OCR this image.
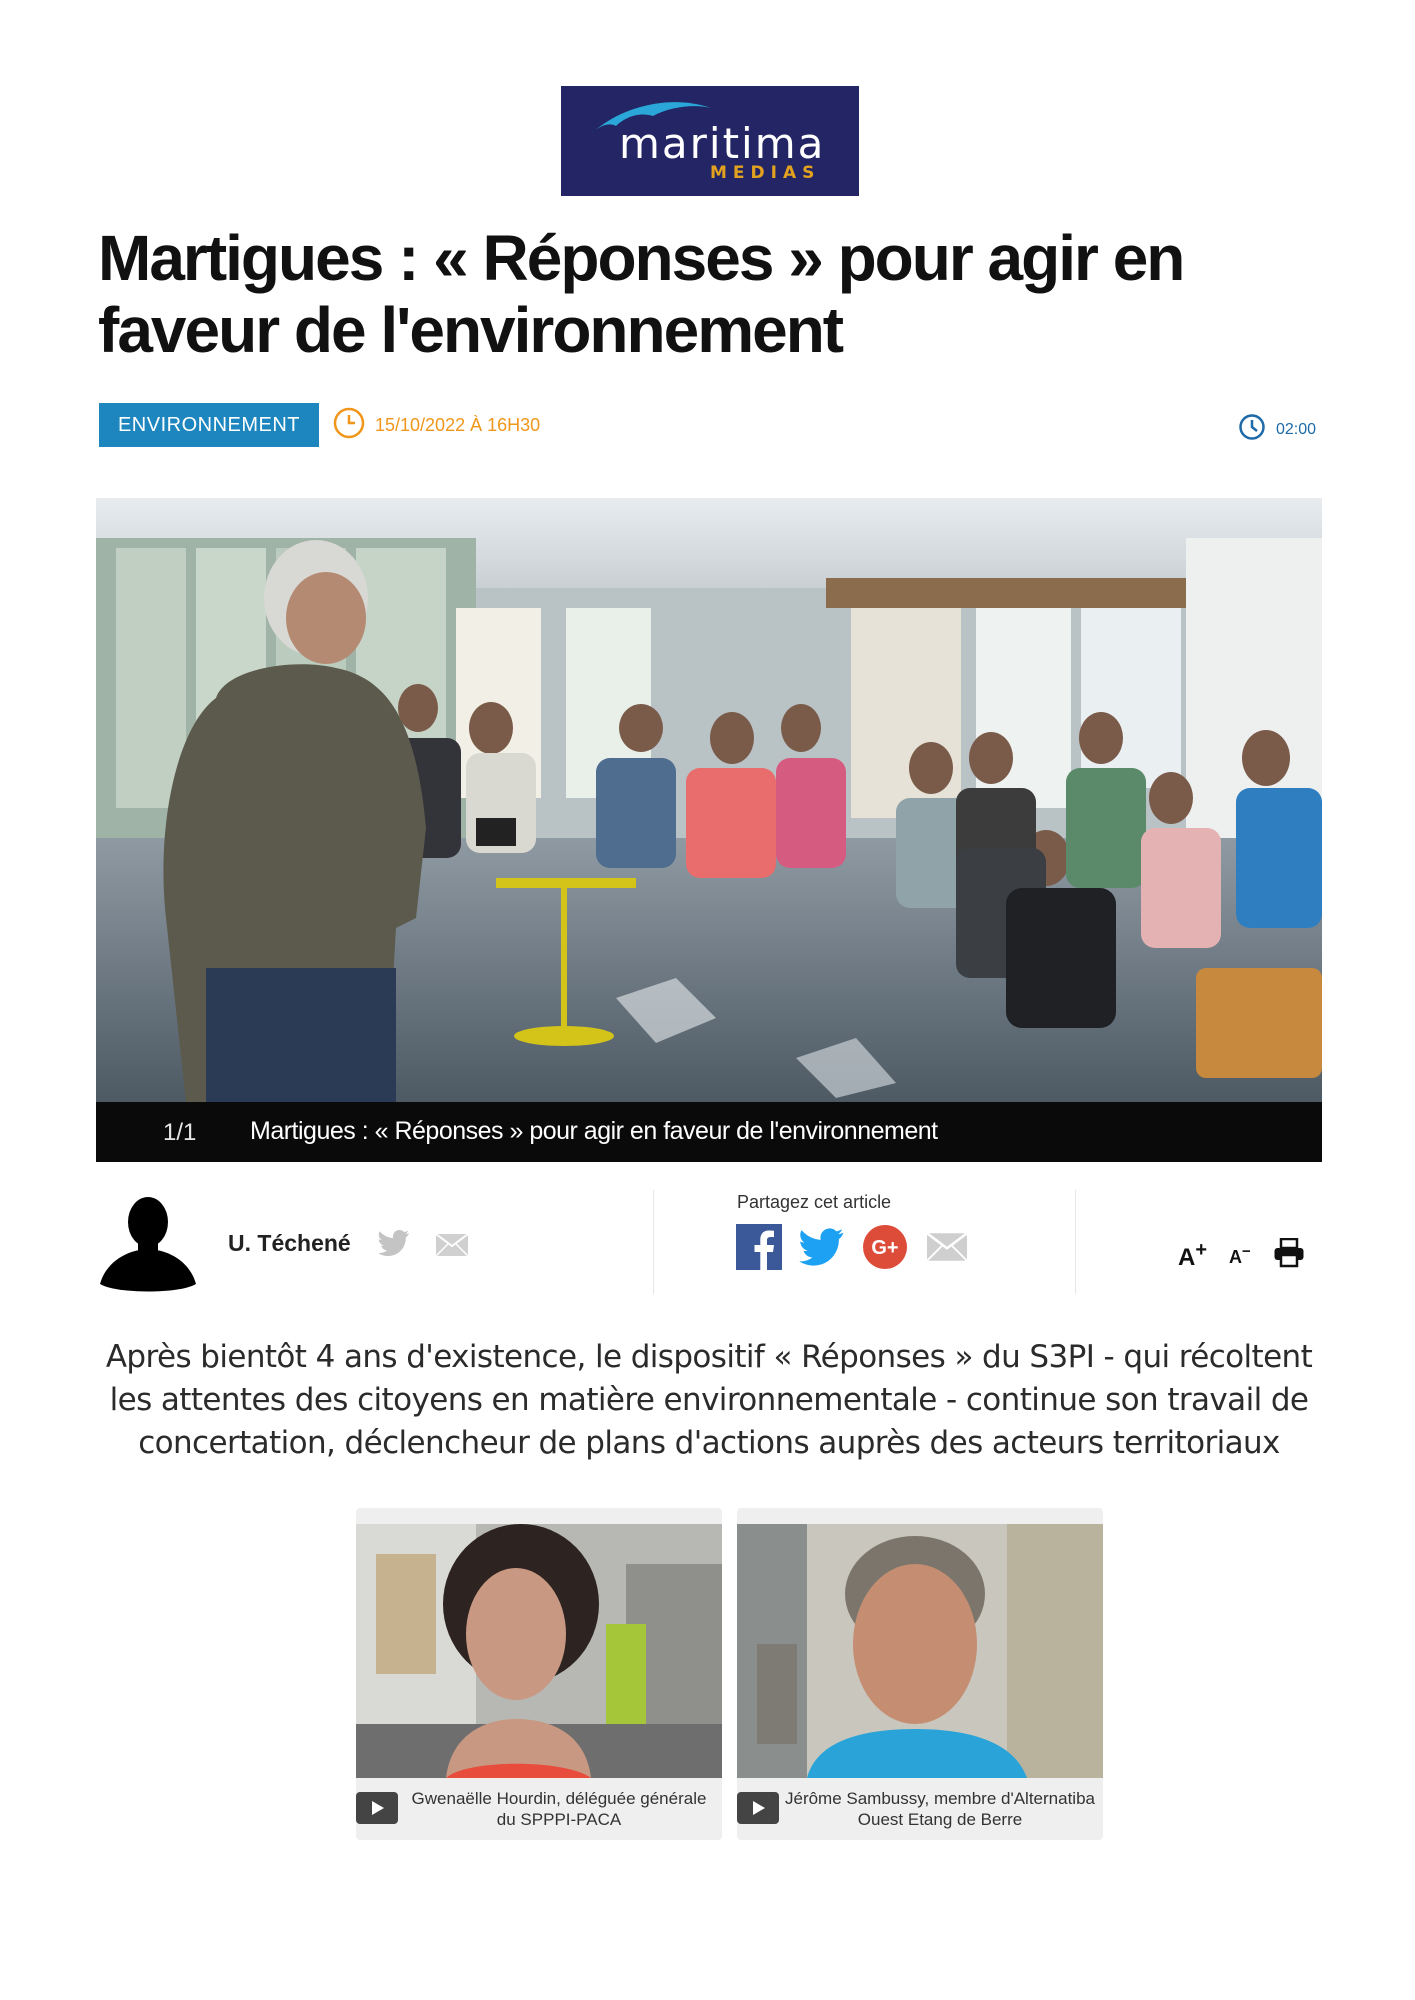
maritima
MEDIAS
Martigues : « Réponses » pour agir en faveur de l'environnement
ENVIRONNEMENT	15/10/2022 À 16H30	02:00
1/1 Martigues : « Réponses » pour agir en faveur de l'environnement
U. Téchené
Partagez cet article
G+	A+ A−

Après bientôt 4 ans d'existence, le dispositif « Réponses » du S3PI - qui récoltent les attentes des citoyens en matière environnementale - continue son travail de concertation, déclencheur de plans d'actions auprès des acteurs territoriaux

Gwenaëlle Hourdin, déléguée générale du SPPPI-PACA
Jérôme Sambussy, membre d'Alternatiba Ouest Etang de Berre
